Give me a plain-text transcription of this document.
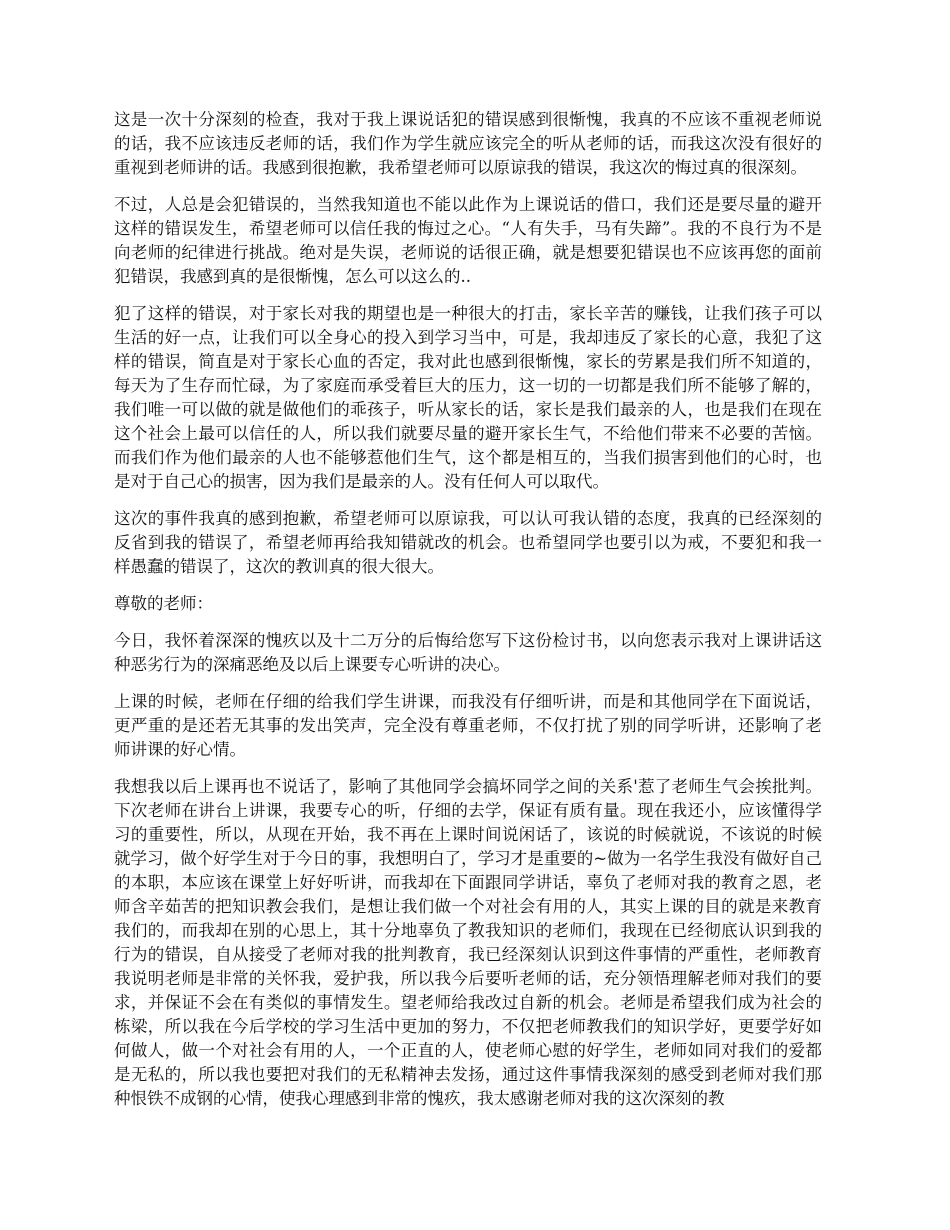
这是一次十分深刻的检查，我对于我上课说话犯的错误感到很惭愧，我真的不应该不重视老师说的话，我不应该违反老师的话，我们作为学生就应该完全的听从老师的话，而我这次没有很好的重视到老师讲的话。我感到很抱歉，我希望老师可以原谅我的错误，我这次的悔过真的很深刻。

不过，人总是会犯错误的，当然我知道也不能以此作为上课说话的借口，我们还是要尽量的避开这样的错误发生，希望老师可以信任我的悔过之心。“人有失手，马有失蹄”。我的不良行为不是向老师的纪律进行挑战。绝对是失误，老师说的话很正确，就是想要犯错误也不应该再您的面前犯错误，我感到真的是很惭愧，怎么可以这么的..

犯了这样的错误，对于家长对我的期望也是一种很大的打击，家长辛苦的赚钱，让我们孩子可以生活的好一点，让我们可以全身心的投入到学习当中，可是，我却违反了家长的心意，我犯了这样的错误，简直是对于家长心血的否定，我对此也感到很惭愧，家长的劳累是我们所不知道的，每天为了生存而忙碌，为了家庭而承受着巨大的压力，这一切的一切都是我们所不能够了解的，我们唯一可以做的就是做他们的乖孩子，听从家长的话，家长是我们最亲的人，也是我们在现在这个社会上最可以信任的人，所以我们就要尽量的避开家长生气，不给他们带来不必要的苦恼。而我们作为他们最亲的人也不能够惹他们生气，这个都是相互的，当我们损害到他们的心时，也是对于自己心的损害，因为我们是最亲的人。没有任何人可以取代。

这次的事件我真的感到抱歉，希望老师可以原谅我，可以认可我认错的态度，我真的已经深刻的反省到我的错误了，希望老师再给我知错就改的机会。也希望同学也要引以为戒，不要犯和我一样愚蠢的错误了，这次的教训真的很大很大。

尊敬的老师：

今日，我怀着深深的愧疚以及十二万分的后悔给您写下这份检讨书，以向您表示我对上课讲话这种恶劣行为的深痛恶绝及以后上课要专心听讲的决心。

上课的时候，老师在仔细的给我们学生讲课，而我没有仔细听讲，而是和其他同学在下面说话，更严重的是还若无其事的发出笑声，完全没有尊重老师，不仅打扰了别的同学听讲，还影响了老师讲课的好心情。

我想我以后上课再也不说话了，影响了其他同学会搞坏同学之间的关系'惹了老师生气会挨批判。下次老师在讲台上讲课，我要专心的听，仔细的去学，保证有质有量。现在我还小，应该懂得学习的重要性，所以，从现在开始，我不再在上课时间说闲话了，该说的时候就说，不该说的时候就学习，做个好学生对于今日的事，我想明白了，学习才是重要的~做为一名学生我没有做好自己的本职，本应该在课堂上好好听讲，而我却在下面跟同学讲话，辜负了老师对我的教育之恩，老师含辛茹苦的把知识教会我们，是想让我们做一个对社会有用的人，其实上课的目的就是来教育我们的，而我却在别的心思上，其十分地辜负了教我知识的老师们，我现在已经彻底认识到我的行为的错误，自从接受了老师对我的批判教育，我已经深刻认识到这件事情的严重性，老师教育我说明老师是非常的关怀我，爱护我，所以我今后要听老师的话，充分领悟理解老师对我们的要求，并保证不会在有类似的事情发生。望老师给我改过自新的机会。老师是希望我们成为社会的栋梁，所以我在今后学校的学习生活中更加的努力，不仅把老师教我们的知识学好，更要学好如何做人，做一个对社会有用的人，一个正直的人，使老师心慰的好学生，老师如同对我们的爱都是无私的，所以我也要把对我们的无私精神去发扬，通过这件事情我深刻的感受到老师对我们那种恨铁不成钢的心情，使我心理感到非常的愧疚，我太感谢老师对我的这次深刻的教
